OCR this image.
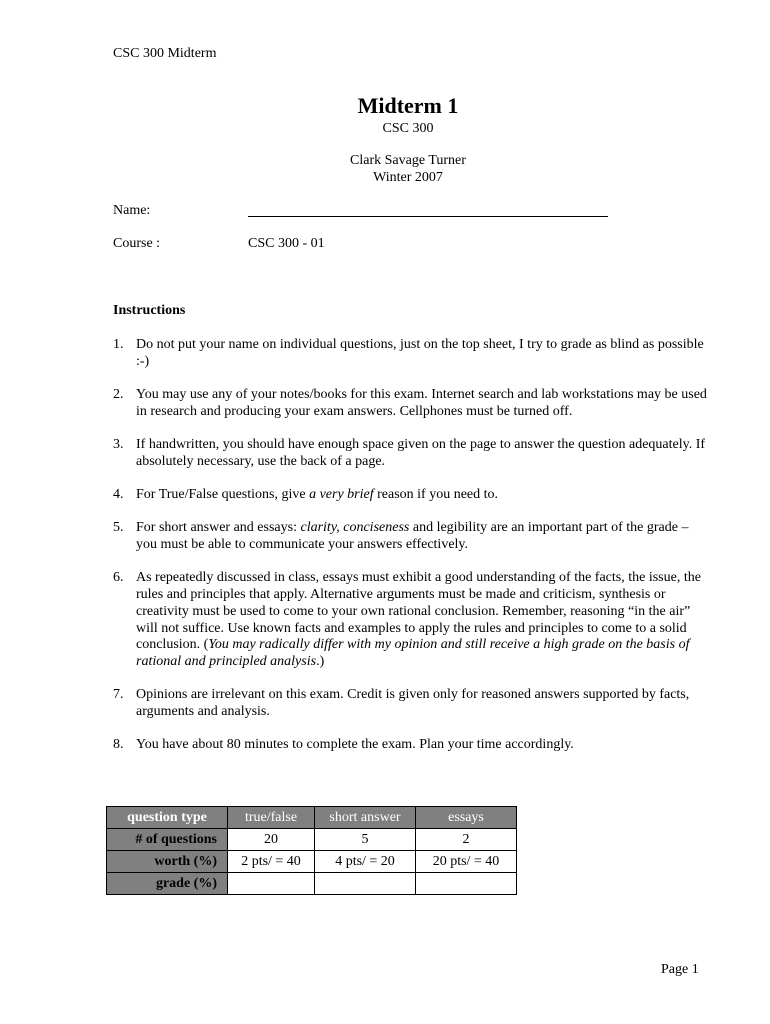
CSC 300 Midterm
Midterm 1
CSC 300
Clark Savage Turner
Winter 2007
Name:
Course :	CSC 300 - 01
Instructions
1. Do not put your name on individual questions, just on the top sheet, I try to grade as blind as possible :-)
2. You may use any of your notes/books for this exam. Internet search and lab workstations may be used in research and producing your exam answers. Cellphones must be turned off.
3. If handwritten, you should have enough space given on the page to answer the question adequately. If absolutely necessary, use the back of a page.
4. For True/False questions, give a very brief reason if you need to.
5. For short answer and essays: clarity, conciseness and legibility are an important part of the grade – you must be able to communicate your answers effectively.
6. As repeatedly discussed in class, essays must exhibit a good understanding of the facts, the issue, the rules and principles that apply. Alternative arguments must be made and criticism, synthesis or creativity must be used to come to your own rational conclusion. Remember, reasoning “in the air” will not suffice. Use known facts and examples to apply the rules and principles to come to a solid conclusion. (You may radically differ with my opinion and still receive a high grade on the basis of rational and principled analysis.)
7. Opinions are irrelevant on this exam. Credit is given only for reasoned answers supported by facts, arguments and analysis.
8. You have about 80 minutes to complete the exam. Plan your time accordingly.
question type	true/false	short answer	essays
# of questions	20	5	2
worth (%)	2 pts/ = 40	4 pts/ = 20	20 pts/ = 40
grade (%)			
Page 1
